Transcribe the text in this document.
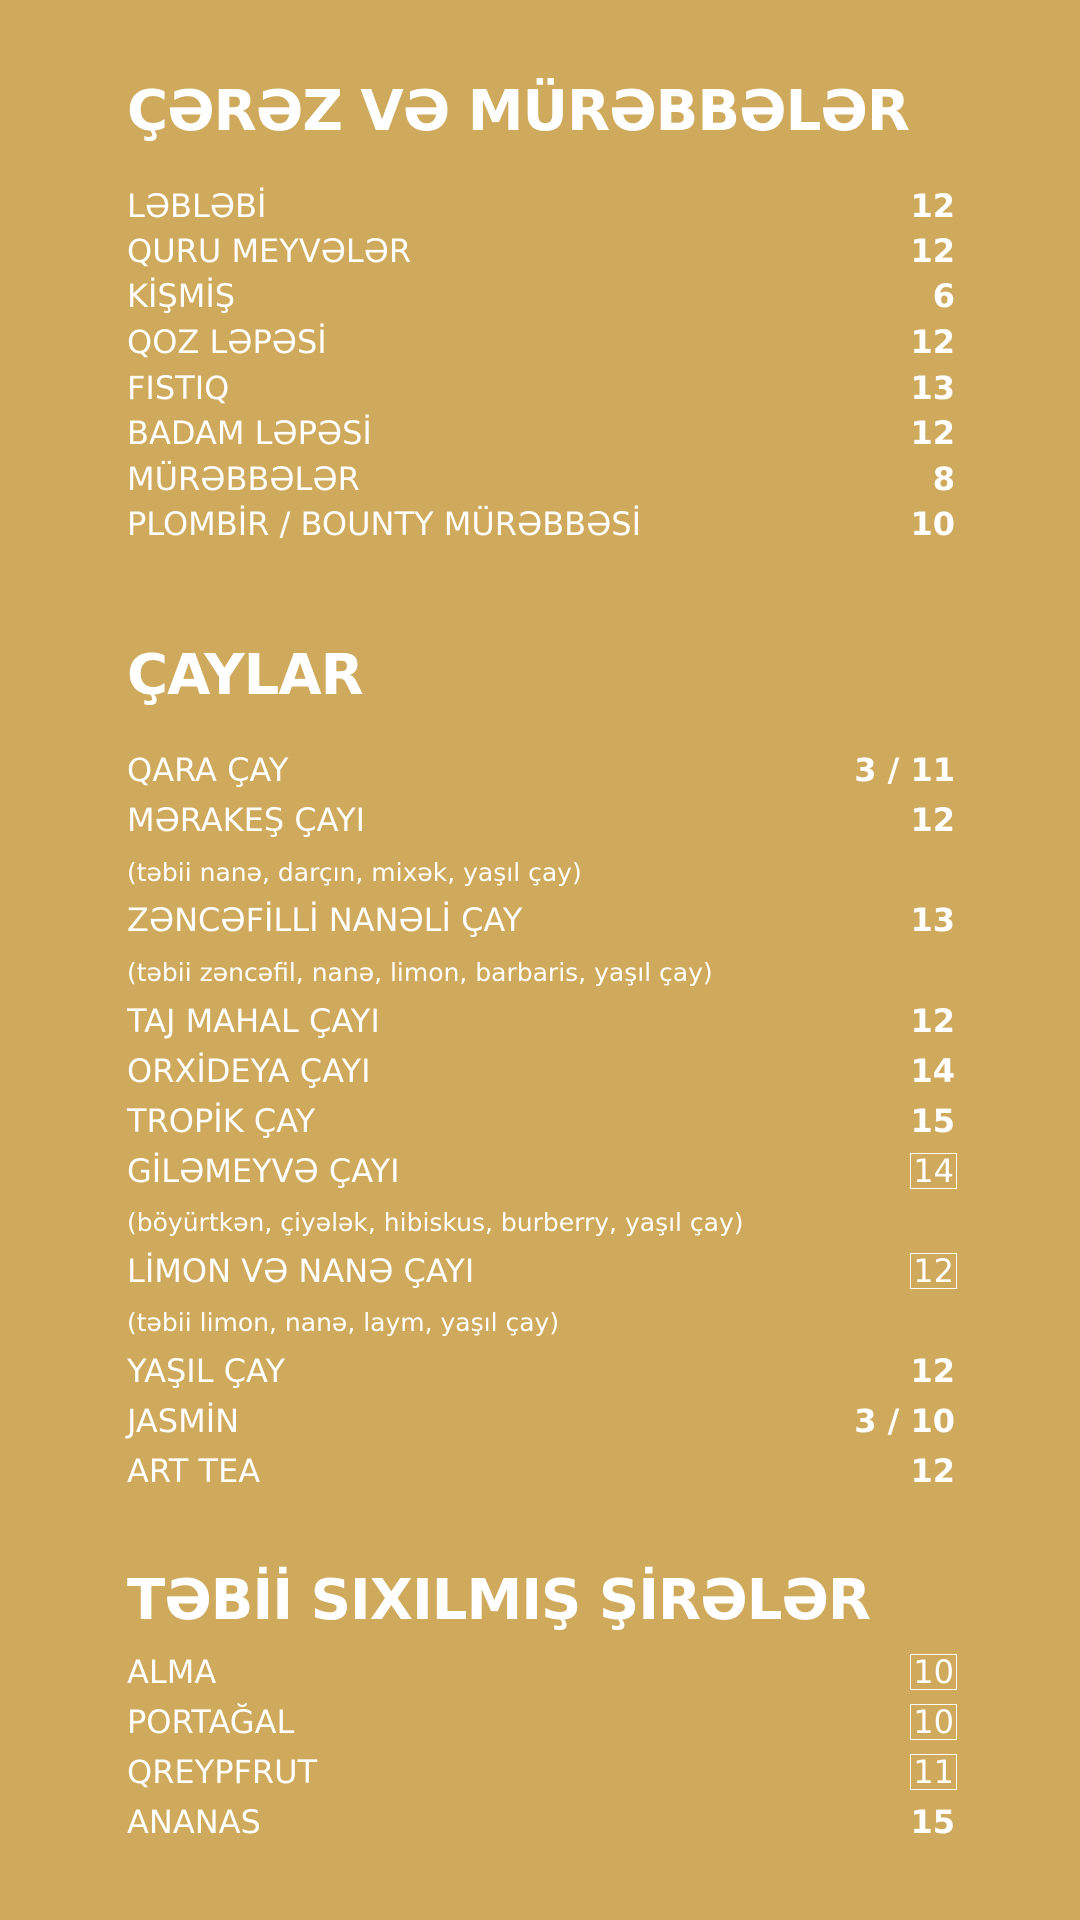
ÇƏRƏZ VƏ MÜRƏBBƏLƏR
LƏBLƏBİ	12
QURU MEYVƏLƏR	12
KİŞMİŞ	6
QOZ LƏPƏSİ	12
FISTIQ	13
BADAM LƏPƏSİ	12
MÜRƏBBƏLƏR	8
PLOMBİR / BOUNTY MÜRƏBBƏSİ	10
ÇAYLAR
QARA ÇAY	3 / 11
MƏRAKEŞ ÇAYI	12
(təbii nanə, darçın, mixək, yaşıl çay)
ZƏNCƏFİLLİ NANƏLİ ÇAY	13
(təbii zəncəfil, nanə, limon, barbaris, yaşıl çay)
TAJ MAHAL ÇAYI	12
ORXİDEYA ÇAYI	14
TROPİK ÇAY	15
GİLƏMEYVƏ ÇAYI	14
(böyürtkən, çiyələk, hibiskus, burberry, yaşıl çay)
LİMON VƏ NANƏ ÇAYI	12
(təbii limon, nanə, laym, yaşıl çay)
YAŞIL ÇAY	12
JASMİN	3 / 10
ART TEA	12
TƏBİİ SIXILMIŞ ŞİRƏLƏR
ALMA	10
PORTAĞAL	10
QREYPFRUT	11
ANANAS	15
